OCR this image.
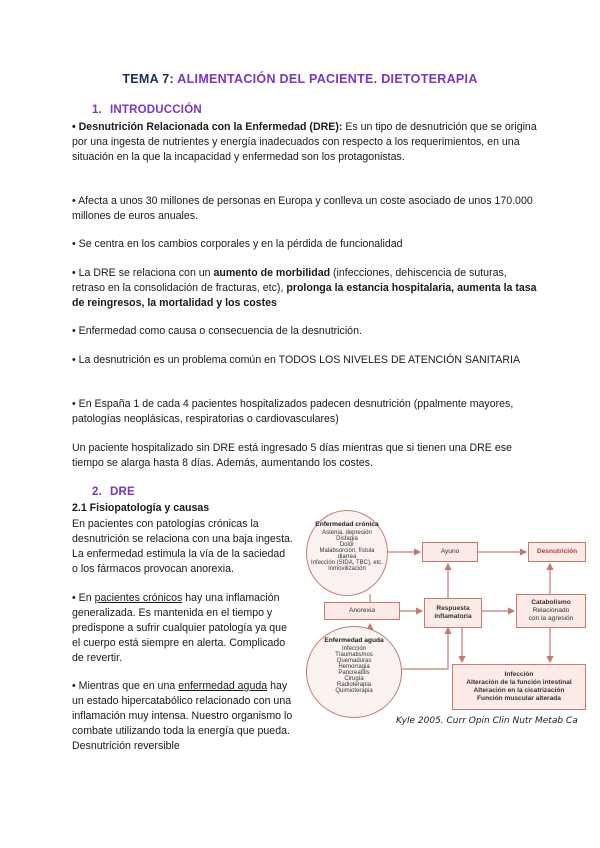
TEMA 7: ALIMENTACIÓN DEL PACIENTE. DIETOTERAPIA
1. INTRODUCCIÓN
• Desnutrición Relacionada con la Enfermedad (DRE): Es un tipo de desnutrición que se origina por una ingesta de nutrientes y energía inadecuados con respecto a los requerimientos, en una situación en la que la incapacidad y enfermedad son los protagonistas.
• Afecta a unos 30 millones de personas en Europa y conlleva un coste asociado de unos 170.000 millones de euros anuales.
• Se centra en los cambios corporales y en la pérdida de funcionalidad
• La DRE se relaciona con un aumento de morbilidad (infecciones, dehiscencia de suturas, retraso en la consolidación de fracturas, etc), prolonga la estancia hospitalaria, aumenta la tasa de reingresos, la mortalidad y los costes
• Enfermedad como causa o consecuencia de la desnutrición.
• La desnutrición es un problema común en TODOS LOS NIVELES DE ATENCIÓN SANITARIA
• En España 1 de cada 4 pacientes hospitalizados padecen desnutrición (ppalmente mayores, patologías neoplásicas, respiratorias o cardiovasculares)
Un paciente hospitalizado sin DRE está ingresado 5 días mientras que si tienen una DRE ese tiempo se alarga hasta 8 días. Además, aumentando los costes.
2. DRE
2.1 Fisiopatología y causas
En pacientes con patologías crónicas la desnutrición se relaciona con una baja ingesta. La enfermedad estimula la vía de la saciedad o los fármacos provocan anorexia.
• En pacientes crónicos hay una inflamación generalizada. Es mantenida en el tiempo y predispone a sufrir cualquier patología ya que el cuerpo está siempre en alerta. Complicado de revertir.
• Mientras que en una enfermedad aguda hay un estado hipercatabólico relacionado con una inflamación muy intensa. Nuestro organismo lo combate utilizando toda la energía que pueda. Desnutrición reversible
Enfermedad crónica
Astenia, depresión
Disfagia
Dolor
Malabsorción, fístula
diarrea
Infección (SIDA, TBC), etc.
Inmovilización
Ayuno	Desnutrición
Anorexia	Respuesta
inflamatoria
Catabolismo
Relacionado
con la agresión
Enfermedad aguda
Infección
Traumatismos
Quemaduras
Hemorragia
Pancreatitis
Cirugía
Radioterapia
Quimioterapia
Infección
Alteración de la función intestinal
Alteración en la cicatrización
Función muscular alterada
Kyle 2005. Curr Opin Clin Nutr Metab Ca
